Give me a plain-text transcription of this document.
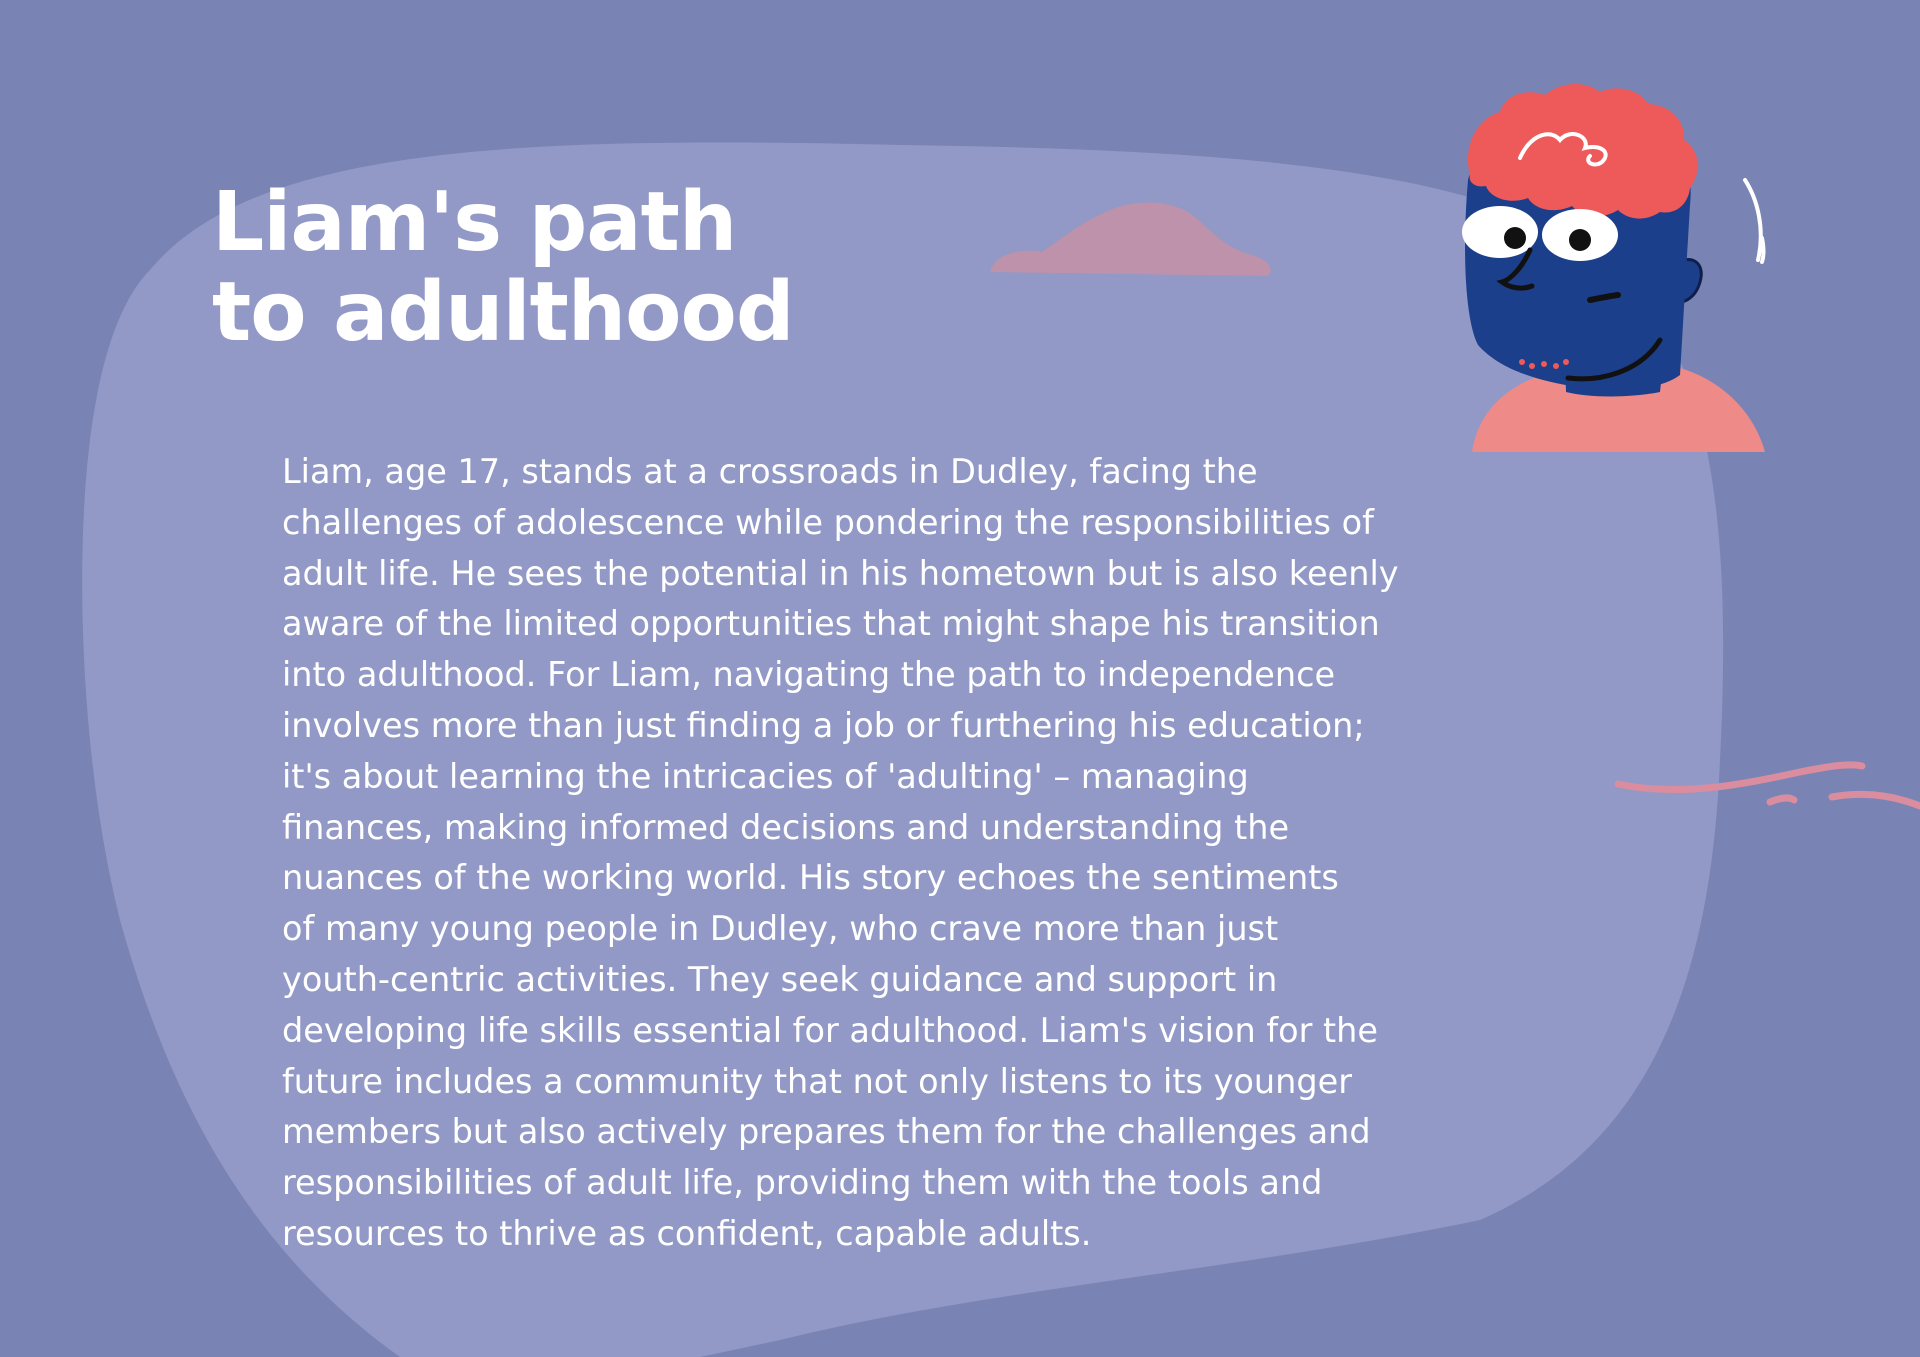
Liam's path
to adulthood
Liam, age 17, stands at a crossroads in Dudley, facing the
challenges of adolescence while pondering the responsibilities of
adult life. He sees the potential in his hometown but is also keenly
aware of the limited opportunities that might shape his transition
into adulthood. For Liam, navigating the path to independence
involves more than just finding a job or furthering his education;
it's about learning the intricacies of 'adulting' – managing
finances, making informed decisions and understanding the
nuances of the working world. His story echoes the sentiments
of many young people in Dudley, who crave more than just
youth-centric activities. They seek guidance and support in
developing life skills essential for adulthood. Liam's vision for the
future includes a community that not only listens to its younger
members but also actively prepares them for the challenges and
responsibilities of adult life, providing them with the tools and
resources to thrive as confident, capable adults.
